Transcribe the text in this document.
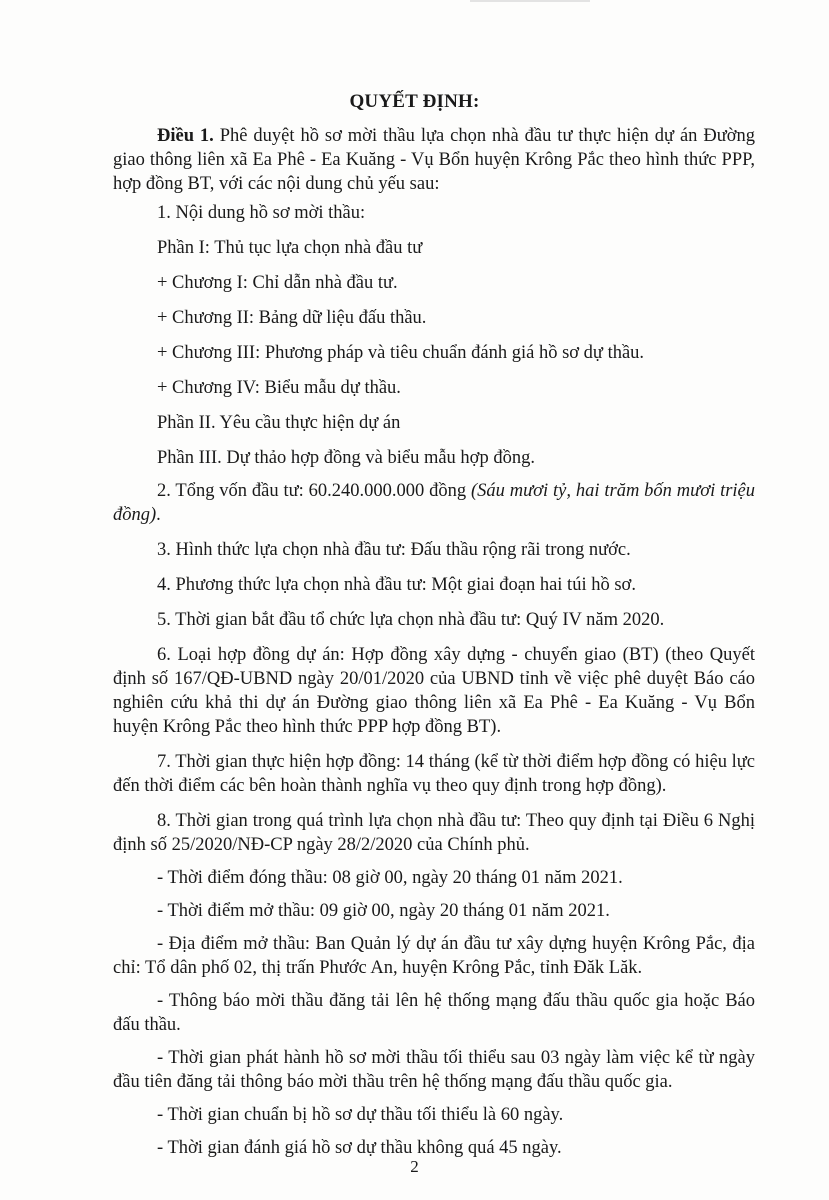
QUYẾT ĐỊNH:

Điều 1. Phê duyệt hồ sơ mời thầu lựa chọn nhà đầu tư thực hiện dự án Đường giao thông liên xã Ea Phê - Ea Kuăng - Vụ Bổn huyện Krông Pắc theo hình thức PPP, hợp đồng BT, với các nội dung chủ yếu sau:

1. Nội dung hồ sơ mời thầu:

Phần I: Thủ tục lựa chọn nhà đầu tư

+ Chương I: Chỉ dẫn nhà đầu tư.

+ Chương II: Bảng dữ liệu đấu thầu.

+ Chương III: Phương pháp và tiêu chuẩn đánh giá hồ sơ dự thầu.

+ Chương IV: Biểu mẫu dự thầu.

Phần II. Yêu cầu thực hiện dự án

Phần III. Dự thảo hợp đồng và biểu mẫu hợp đồng.

2. Tổng vốn đầu tư: 60.240.000.000 đồng (Sáu mươi tỷ, hai trăm bốn mươi triệu đồng).

3. Hình thức lựa chọn nhà đầu tư: Đấu thầu rộng rãi trong nước.

4. Phương thức lựa chọn nhà đầu tư: Một giai đoạn hai túi hồ sơ.

5. Thời gian bắt đầu tổ chức lựa chọn nhà đầu tư: Quý IV năm 2020.

6. Loại hợp đồng dự án: Hợp đồng xây dựng - chuyển giao (BT) (theo Quyết định số 167/QĐ-UBND ngày 20/01/2020 của UBND tỉnh về việc phê duyệt Báo cáo nghiên cứu khả thi dự án Đường giao thông liên xã Ea Phê - Ea Kuăng - Vụ Bổn huyện Krông Pắc theo hình thức PPP hợp đồng BT).

7. Thời gian thực hiện hợp đồng: 14 tháng (kể từ thời điểm hợp đồng có hiệu lực đến thời điểm các bên hoàn thành nghĩa vụ theo quy định trong hợp đồng).

8. Thời gian trong quá trình lựa chọn nhà đầu tư: Theo quy định tại Điều 6 Nghị định số 25/2020/NĐ-CP ngày 28/2/2020 của Chính phủ.

- Thời điểm đóng thầu: 08 giờ 00, ngày 20 tháng 01 năm 2021.

- Thời điểm mở thầu: 09 giờ 00, ngày 20 tháng 01 năm 2021.

- Địa điểm mở thầu: Ban Quản lý dự án đầu tư xây dựng huyện Krông Pắc, địa chỉ: Tổ dân phố 02, thị trấn Phước An, huyện Krông Pắc, tỉnh Đăk Lăk.

- Thông báo mời thầu đăng tải lên hệ thống mạng đấu thầu quốc gia hoặc Báo đấu thầu.

- Thời gian phát hành hồ sơ mời thầu tối thiểu sau 03 ngày làm việc kể từ ngày đầu tiên đăng tải thông báo mời thầu trên hệ thống mạng đấu thầu quốc gia.

- Thời gian chuẩn bị hồ sơ dự thầu tối thiểu là 60 ngày.

- Thời gian đánh giá hồ sơ dự thầu không quá 45 ngày.

2
